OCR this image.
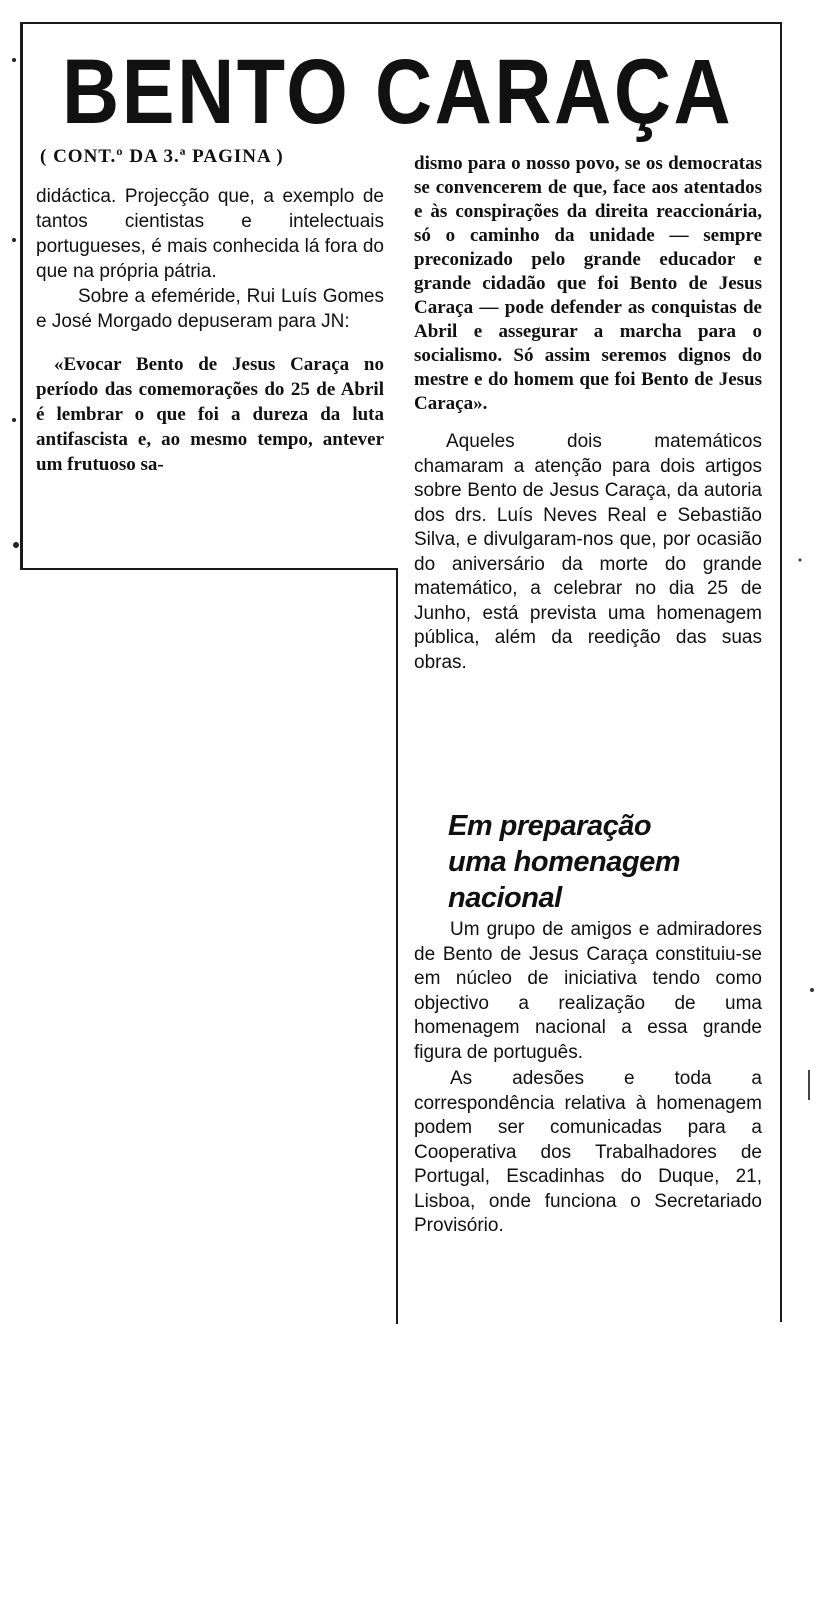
BENTO CARAÇA
( CONT.º DA 3.ª PAGINA )

didáctica. Projecção que, a exemplo de tantos cientistas e intelectuais portugueses, é mais conhecida lá fora do que na própria pátria.

Sobre a efeméride, Rui Luís Gomes e José Morgado depuseram para JN:

«Evocar Bento de Jesus Caraça no período das comemorações do 25 de Abril é lembrar o que foi a dureza da luta antifascista e, ao mesmo tempo, antever um frutuoso sa-

dismo para o nosso povo, se os democratas se convencerem de que, face aos atentados e às conspirações da direita reaccionária, só o caminho da unidade — sempre preconizado pelo grande educador e grande cidadão que foi Bento de Jesus Caraça — pode defender as conquistas de Abril e assegurar a marcha para o socialismo. Só assim seremos dignos do mestre e do homem que foi Bento de Jesus Caraça».

Aqueles dois matemáticos chamaram a atenção para dois artigos sobre Bento de Jesus Caraça, da autoria dos drs. Luís Neves Real e Sebastião Silva, e divulgaram-nos que, por ocasião do aniversário da morte do grande matemático, a celebrar no dia 25 de Junho, está prevista uma homenagem pública, além da reedição das suas obras.

Em preparação
uma homenagem
nacional

Um grupo de amigos e admiradores de Bento de Jesus Caraça constituiu-se em núcleo de iniciativa tendo como objectivo a realização de uma homenagem nacional a essa grande figura de português.

As adesões e toda a correspondência relativa à homenagem podem ser comunicadas para a Cooperativa dos Trabalhadores de Portugal, Escadinhas do Duque, 21, Lisboa, onde funciona o Secretariado Provisório.
